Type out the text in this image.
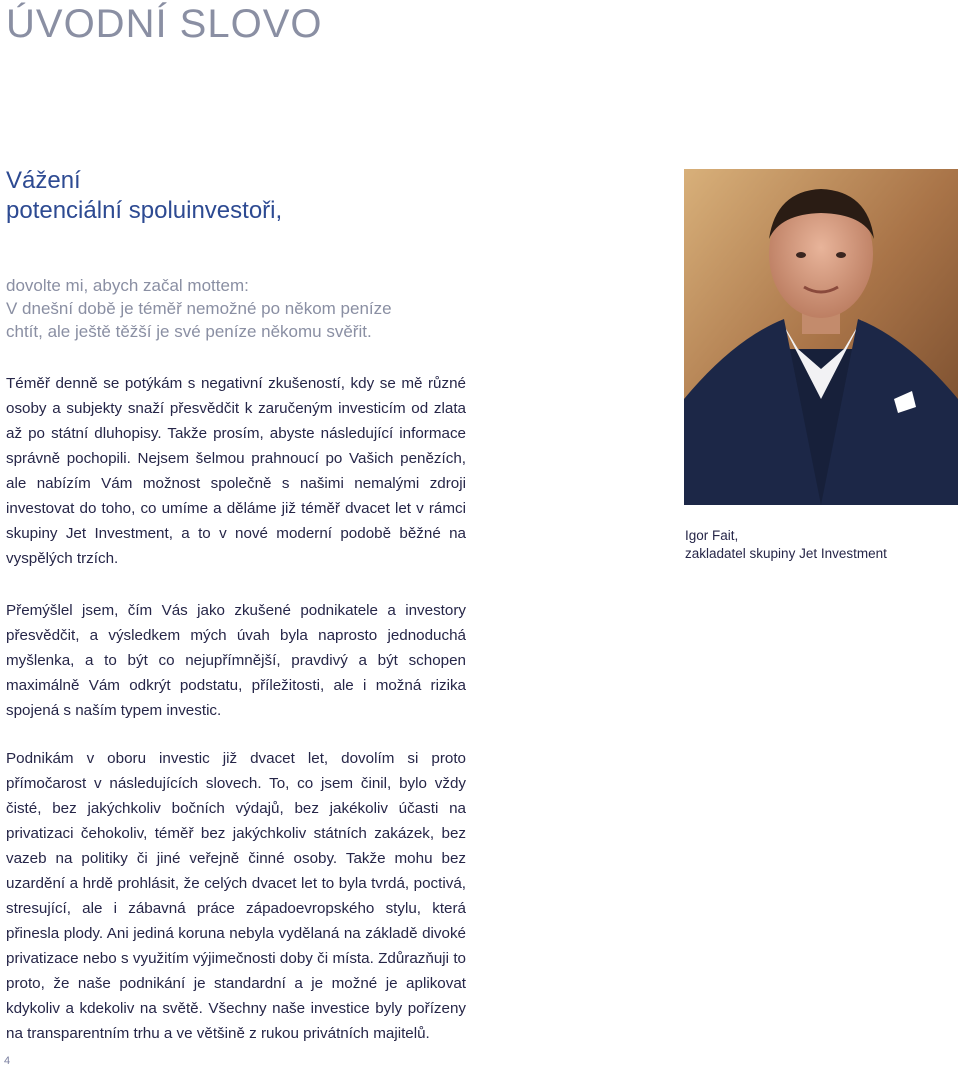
ÚVODNÍ SLOVO
Vážení
potenciální spoluinvestoři,
dovolte mi, abych začal mottem:
V dnešní době je téměř nemožné po někom peníze
chtít, ale ještě těžší je své peníze někomu svěřit.
Téměř denně se potýkám s negativní zkušeností, kdy se mě různé osoby a subjekty snaží přesvědčit k zaručeným investicím od zlata až po státní dluhopisy. Takže prosím, abyste následující informace správně pochopili. Nejsem šelmou prahnoucí po Vašich penězích, ale nabízím Vám možnost společně s našimi nemalými zdroji investovat do toho, co umíme a děláme již téměř dvacet let v rámci skupiny Jet Investment, a to v nové moderní podobě běžné na vyspělých trzích.
Přemýšlel jsem, čím Vás jako zkušené podnikatele a investory přesvědčit, a výsledkem mých úvah byla naprosto jednoduchá myšlenka, a to být co nejupřímnější, pravdivý a být schopen maximálně Vám odkrýt podstatu, příležitosti, ale i možná rizika spojená s naším typem investic.
Podnikám v oboru investic již dvacet let, dovolím si proto přímočarost v následujících slovech. To, co jsem činil, bylo vždy čisté, bez jakýchkoliv bočních výdajů, bez jakékoliv účasti na privatizaci čehokoliv, téměř bez jakýchkoliv státních zakázek, bez vazeb na politiky či jiné veřejně činné osoby. Takže mohu bez uzardění a hrdě prohlásit, že celých dvacet let to byla tvrdá, poctivá, stresující, ale i zábavná práce západoevropského stylu, která přinesla plody. Ani jediná koruna nebyla vydělaná na základě divoké privatizace nebo s využitím výjimečnosti doby či místa. Zdůrazňuji to proto, že naše podnikání je standardní a je možné je aplikovat kdykoliv a kdekoliv na světě. Všechny naše investice byly pořízeny na transparentním trhu a ve většině z rukou privátních majitelů.
Igor Fait,
zakladatel skupiny Jet Investment
4
